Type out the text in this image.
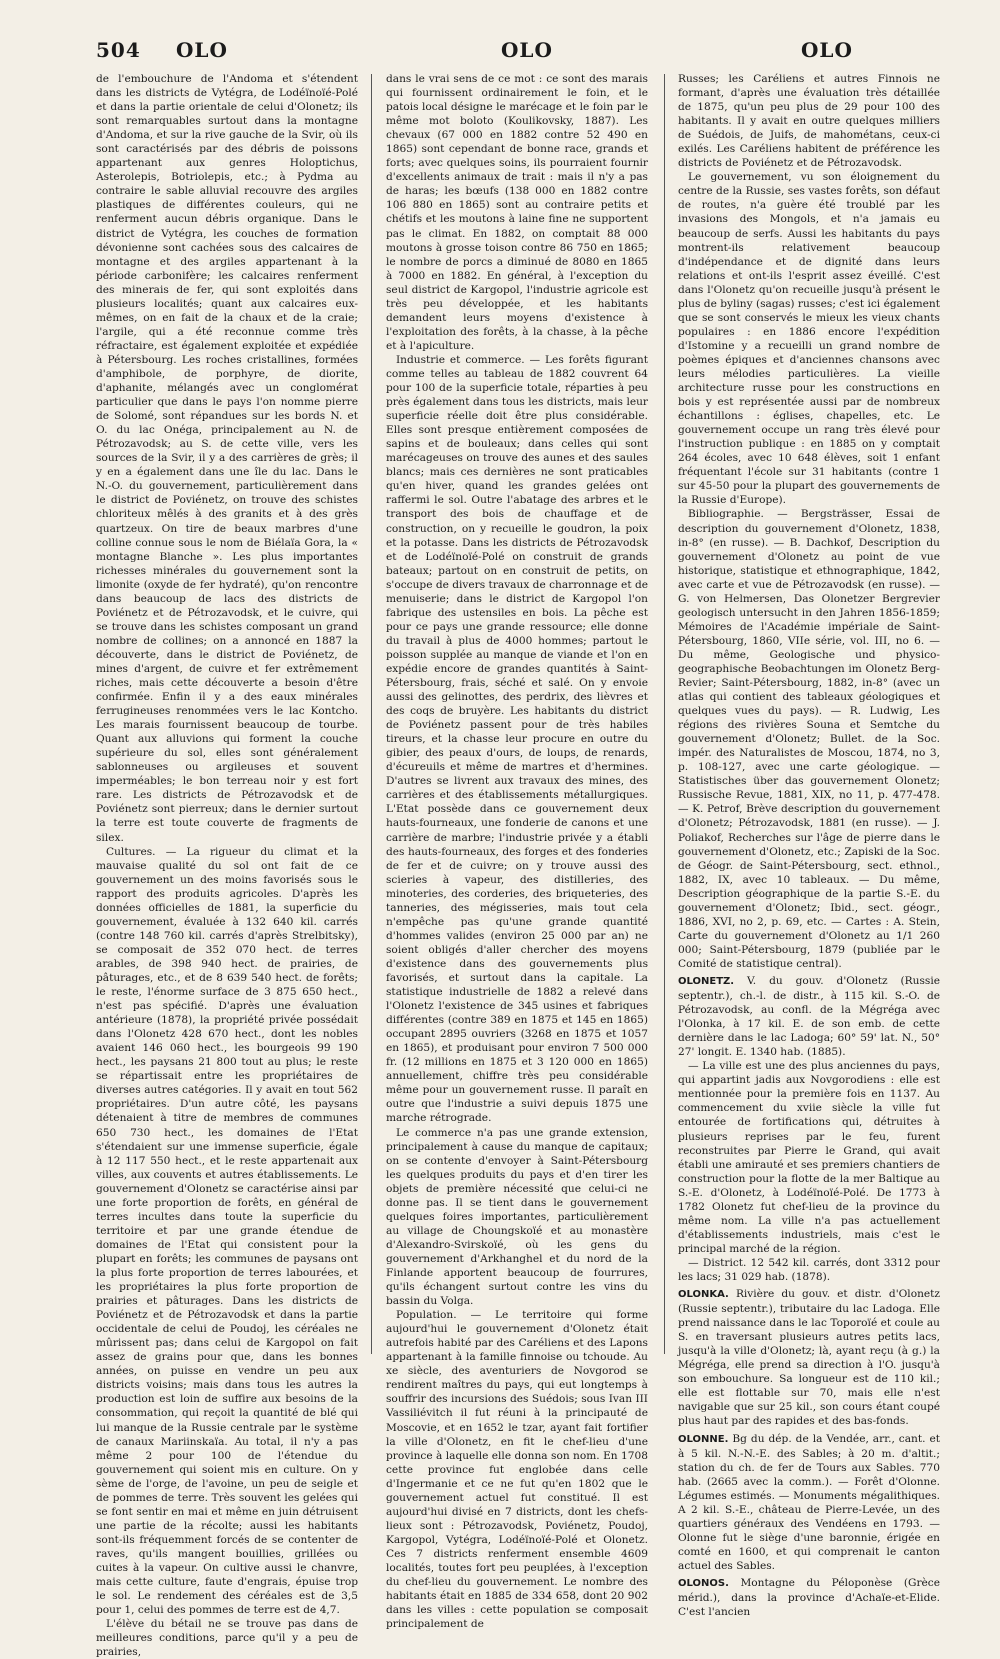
504 OLO	OLO	OLO

de l'embouchure de l'Andoma et s'étendent dans les districts de Vytégra, de Lodéïnoïé-Polé et dans la partie orientale de celui d'Olonetz; ils sont remarquables surtout dans la montagne d'Andoma, et sur la rive gauche de la Svir, où ils sont caractérisés par des débris de poissons appartenant aux genres Holoptichus, Asterolepis, Botriolepis, etc.; à Pydma au contraire le sable alluvial recouvre des argiles plastiques de différentes couleurs, qui ne renferment aucun débris organique. Dans le district de Vytégra, les couches de formation dévonienne sont cachées sous des calcaires de montagne et des argiles appartenant à la période carbonifère; les calcaires renferment des minerais de fer, qui sont exploités dans plusieurs localités; quant aux calcaires eux-mêmes, on en fait de la chaux et de la craie; l'argile, qui a été reconnue comme très réfractaire, est également exploitée et expédiée à Pétersbourg. Les roches cristallines, formées d'amphibole, de porphyre, de diorite, d'aphanite, mélangés avec un conglomérat particulier que dans le pays l'on nomme pierre de Solomé, sont répandues sur les bords N. et O. du lac Onéga, principalement au N. de Pétrozavodsk; au S. de cette ville, vers les sources de la Svir, il y a des carrières de grès; il y en a également dans une île du lac. Dans le N.-O. du gouvernement, particulièrement dans le district de Poviénetz, on trouve des schistes chloriteux mêlés à des granits et à des grès quartzeux. On tire de beaux marbres d'une colline connue sous le nom de Biélaïa Gora, la « montagne Blanche ». Les plus importantes richesses minérales du gouvernement sont la limonite (oxyde de fer hydraté), qu'on rencontre dans beaucoup de lacs des districts de Poviénetz et de Pétrozavodsk, et le cuivre, qui se trouve dans les schistes composant un grand nombre de collines; on a annoncé en 1887 la découverte, dans le district de Poviénetz, de mines d'argent, de cuivre et fer extrêmement riches, mais cette découverte a besoin d'être confirmée. Enfin il y a des eaux minérales ferrugineuses renommées vers le lac Kontcho. Les marais fournissent beaucoup de tourbe. Quant aux alluvions qui forment la couche supérieure du sol, elles sont généralement sablonneuses ou argileuses et souvent imperméables; le bon terreau noir y est fort rare. Les districts de Pétrozavodsk et de Poviénetz sont pierreux; dans le dernier surtout la terre est toute couverte de fragments de silex.

Cultures. — La rigueur du climat et la mauvaise qualité du sol ont fait de ce gouvernement un des moins favorisés sous le rapport des produits agricoles. D'après les données officielles de 1881, la superficie du gouvernement, évaluée à 132 640 kil. carrés (contre 148 760 kil. carrés d'après Strelbitsky), se composait de 352 070 hect. de terres arables, de 398 940 hect. de prairies, de pâturages, etc., et de 8 639 540 hect. de forêts; le reste, l'énorme surface de 3 875 650 hect., n'est pas spécifié. D'après une évaluation antérieure (1878), la propriété privée possédait dans l'Olonetz 428 670 hect., dont les nobles avaient 146 060 hect., les bourgeois 99 190 hect., les paysans 21 800 tout au plus; le reste se répartissait entre les propriétaires de diverses autres catégories. Il y avait en tout 562 propriétaires. D'un autre côté, les paysans détenaient à titre de membres de communes 650 730 hect., les domaines de l'Etat s'étendaient sur une immense superficie, égale à 12 117 550 hect., et le reste appartenait aux villes, aux couvents et autres établissements. Le gouvernement d'Olonetz se caractérise ainsi par une forte proportion de forêts, en général de terres incultes dans toute la superficie du territoire et par une grande étendue de domaines de l'Etat qui consistent pour la plupart en forêts; les communes de paysans ont la plus forte proportion de terres labourées, et les propriétaires la plus forte proportion de prairies et pâturages. Dans les districts de Poviénetz et de Pétrozavodsk et dans la partie occidentale de celui de Poudoj, les céréales ne mûrissent pas; dans celui de Kargopol on fait assez de grains pour que, dans les bonnes années, on puisse en vendre un peu aux districts voisins; mais dans tous les autres la production est loin de suffire aux besoins de la consommation, qui reçoit la quantité de blé qui lui manque de la Russie centrale par le système de canaux Mariinskaïa. Au total, il n'y a pas même 2 pour 100 de l'étendue du gouvernement qui soient mis en culture. On y sème de l'orge, de l'avoine, un peu de seigle et de pommes de terre. Très souvent les gelées qui se font sentir en mai et même en juin détruisent une partie de la récolte; aussi les habitants sont-ils fréquemment forcés de se contenter de raves, qu'ils mangent bouillies, grillées ou cuites à la vapeur. On cultive aussi le chanvre, mais cette culture, faute d'engrais, épuise trop le sol. Le rendement des céréales est de 3,5 pour 1, celui des pommes de terre est de 4,7.

L'élève du bétail ne se trouve pas dans de meilleures conditions, parce qu'il y a peu de prairies,

dans le vrai sens de ce mot : ce sont des marais qui fournissent ordinairement le foin, et le patois local désigne le marécage et le foin par le même mot boloto (Koulikovsky, 1887). Les chevaux (67 000 en 1882 contre 52 490 en 1865) sont cependant de bonne race, grands et forts; avec quelques soins, ils pourraient fournir d'excellents animaux de trait : mais il n'y a pas de haras; les bœufs (138 000 en 1882 contre 106 880 en 1865) sont au contraire petits et chétifs et les moutons à laine fine ne supportent pas le climat. En 1882, on comptait 88 000 moutons à grosse toison contre 86 750 en 1865; le nombre de porcs a diminué de 8080 en 1865 à 7000 en 1882. En général, à l'exception du seul district de Kargopol, l'industrie agricole est très peu développée, et les habitants demandent leurs moyens d'existence à l'exploitation des forêts, à la chasse, à la pêche et à l'apiculture.

Industrie et commerce. — Les forêts figurant comme telles au tableau de 1882 couvrent 64 pour 100 de la superficie totale, réparties à peu près également dans tous les districts, mais leur superficie réelle doit être plus considérable. Elles sont presque entièrement composées de sapins et de bouleaux; dans celles qui sont marécageuses on trouve des aunes et des saules blancs; mais ces dernières ne sont praticables qu'en hiver, quand les grandes gelées ont raffermi le sol. Outre l'abatage des arbres et le transport des bois de chauffage et de construction, on y recueille le goudron, la poix et la potasse. Dans les districts de Pétrozavodsk et de Lodéïnoïé-Polé on construit de grands bateaux; partout on en construit de petits, on s'occupe de divers travaux de charronnage et de menuiserie; dans le district de Kargopol l'on fabrique des ustensiles en bois. La pêche est pour ce pays une grande ressource; elle donne du travail à plus de 4000 hommes; partout le poisson supplée au manque de viande et l'on en expédie encore de grandes quantités à Saint-Pétersbourg, frais, séché et salé. On y envoie aussi des gelinottes, des perdrix, des lièvres et des coqs de bruyère. Les habitants du district de Poviénetz passent pour de très habiles tireurs, et la chasse leur procure en outre du gibier, des peaux d'ours, de loups, de renards, d'écureuils et même de martres et d'hermines. D'autres se livrent aux travaux des mines, des carrières et des établissements métallurgiques. L'Etat possède dans ce gouvernement deux hauts-fourneaux, une fonderie de canons et une carrière de marbre; l'industrie privée y a établi des hauts-fourneaux, des forges et des fonderies de fer et de cuivre; on y trouve aussi des scieries à vapeur, des distilleries, des minoteries, des corderies, des briqueteries, des tanneries, des mégisseries, mais tout cela n'empêche pas qu'une grande quantité d'hommes valides (environ 25 000 par an) ne soient obligés d'aller chercher des moyens d'existence dans des gouvernements plus favorisés, et surtout dans la capitale. La statistique industrielle de 1882 a relevé dans l'Olonetz l'existence de 345 usines et fabriques différentes (contre 389 en 1875 et 145 en 1865) occupant 2895 ouvriers (3268 en 1875 et 1057 en 1865), et produisant pour environ 7 500 000 fr. (12 millions en 1875 et 3 120 000 en 1865) annuellement, chiffre très peu considérable même pour un gouvernement russe. Il paraît en outre que l'industrie a suivi depuis 1875 une marche rétrograde.

Le commerce n'a pas une grande extension, principalement à cause du manque de capitaux; on se contente d'envoyer à Saint-Pétersbourg les quelques produits du pays et d'en tirer les objets de première nécessité que celui-ci ne donne pas. Il se tient dans le gouvernement quelques foires importantes, particulièrement au village de Choungskoïé et au monastère d'Alexandro-Svirskoïé, où les gens du gouvernement d'Arkhanghel et du nord de la Finlande apportent beaucoup de fourrures, qu'ils échangent surtout contre les vins du bassin du Volga.

Population. — Le territoire qui forme aujourd'hui le gouvernement d'Olonetz était autrefois habité par des Caréliens et des Lapons appartenant à la famille finnoise ou tchoude. Au xe siècle, des aventuriers de Novgorod se rendirent maîtres du pays, qui eut longtemps à souffrir des incursions des Suédois; sous Ivan III Vassiliévitch il fut réuni à la principauté de Moscovie, et en 1652 le tzar, ayant fait fortifier la ville d'Olonetz, en fit le chef-lieu d'une province à laquelle elle donna son nom. En 1708 cette province fut englobée dans celle d'Ingermanie et ce ne fut qu'en 1802 que le gouvernement actuel fut constitué. Il est aujourd'hui divisé en 7 districts, dont les chefs-lieux sont : Pétrozavodsk, Poviénetz, Poudoj, Kargopol, Vytégra, Lodéïnoïé-Polé et Olonetz. Ces 7 districts renferment ensemble 4609 localités, toutes fort peu peuplées, à l'exception du chef-lieu du gouvernement. Le nombre des habitants était en 1885 de 334 658, dont 20 902 dans les villes : cette population se composait principalement de

Russes; les Caréliens et autres Finnois ne formant, d'après une évaluation très détaillée de 1875, qu'un peu plus de 29 pour 100 des habitants. Il y avait en outre quelques milliers de Suédois, de Juifs, de mahométans, ceux-ci exilés. Les Caréliens habitent de préférence les districts de Poviénetz et de Pétrozavodsk.

Le gouvernement, vu son éloignement du centre de la Russie, ses vastes forêts, son défaut de routes, n'a guère été troublé par les invasions des Mongols, et n'a jamais eu beaucoup de serfs. Aussi les habitants du pays montrent-ils relativement beaucoup d'indépendance et de dignité dans leurs relations et ont-ils l'esprit assez éveillé. C'est dans l'Olonetz qu'on recueille jusqu'à présent le plus de byliny (sagas) russes; c'est ici également que se sont conservés le mieux les vieux chants populaires : en 1886 encore l'expédition d'Istomine y a recueilli un grand nombre de poèmes épiques et d'anciennes chansons avec leurs mélodies particulières. La vieille architecture russe pour les constructions en bois y est représentée aussi par de nombreux échantillons : églises, chapelles, etc. Le gouvernement occupe un rang très élevé pour l'instruction publique : en 1885 on y comptait 264 écoles, avec 10 648 élèves, soit 1 enfant fréquentant l'école sur 31 habitants (contre 1 sur 45-50 pour la plupart des gouvernements de la Russie d'Europe).

Bibliographie. — Bergsträsser, Essai de description du gouvernement d'Olonetz, 1838, in-8° (en russe). — B. Dachkof, Description du gouvernement d'Olonetz au point de vue historique, statistique et ethnographique, 1842, avec carte et vue de Pétrozavodsk (en russe). — G. von Helmersen, Das Olonetzer Bergrevier geologisch untersucht in den Jahren 1856-1859; Mémoires de l'Académie impériale de Saint-Pétersbourg, 1860, VIIe série, vol. III, no 6. — Du même, Geologische und physico-geographische Beobachtungen im Olonetz Berg-Revier; Saint-Pétersbourg, 1882, in-8° (avec un atlas qui contient des tableaux géologiques et quelques vues du pays). — R. Ludwig, Les régions des rivières Souna et Semtche du gouvernement d'Olonetz; Bullet. de la Soc. impér. des Naturalistes de Moscou, 1874, no 3, p. 108-127, avec une carte géologique. — Statistisches über das gouvernement Olonetz; Russische Revue, 1881, XIX, no 11, p. 477-478. — K. Petrof, Brève description du gouvernement d'Olonetz; Pétrozavodsk, 1881 (en russe). — J. Poliakof, Recherches sur l'âge de pierre dans le gouvernement d'Olonetz, etc.; Zapiski de la Soc. de Géogr. de Saint-Pétersbourg, sect. ethnol., 1882, IX, avec 10 tableaux. — Du même, Description géographique de la partie S.-E. du gouvernement d'Olonetz; Ibid., sect. géogr., 1886, XVI, no 2, p. 69, etc. — Cartes : A. Stein, Carte du gouvernement d'Olonetz au 1/1 260 000; Saint-Pétersbourg, 1879 (publiée par le Comité de statistique central).

OLONETZ. V. du gouv. d'Olonetz (Russie septentr.), ch.-l. de distr., à 115 kil. S.-O. de Pétrozavodsk, au confl. de la Mégréga avec l'Olonka, à 17 kil. E. de son emb. de cette dernière dans le lac Ladoga; 60° 59' lat. N., 50° 27' longit. E. 1340 hab. (1885).

— La ville est une des plus anciennes du pays, qui appartint jadis aux Novgorodiens : elle est mentionnée pour la première fois en 1137. Au commencement du xviie siècle la ville fut entourée de fortifications qui, détruites à plusieurs reprises par le feu, furent reconstruites par Pierre le Grand, qui avait établi une amirauté et ses premiers chantiers de construction pour la flotte de la mer Baltique au S.-E. d'Olonetz, à Lodéïnoïé-Polé. De 1773 à 1782 Olonetz fut chef-lieu de la province du même nom. La ville n'a pas actuellement d'établissements industriels, mais c'est le principal marché de la région.

— District. 12 542 kil. carrés, dont 3312 pour les lacs; 31 029 hab. (1878).

OLONKA. Rivière du gouv. et distr. d'Olonetz (Russie septentr.), tributaire du lac Ladoga. Elle prend naissance dans le lac Toporoïé et coule au S. en traversant plusieurs autres petits lacs, jusqu'à la ville d'Olonetz; là, ayant reçu (à g.) la Mégréga, elle prend sa direction à l'O. jusqu'à son embouchure. Sa longueur est de 110 kil.; elle est flottable sur 70, mais elle n'est navigable que sur 25 kil., son cours étant coupé plus haut par des rapides et des bas-fonds.

OLONNE. Bg du dép. de la Vendée, arr., cant. et à 5 kil. N.-N.-E. des Sables; à 20 m. d'altit.; station du ch. de fer de Tours aux Sables. 770 hab. (2665 avec la comm.). — Forêt d'Olonne. Légumes estimés. — Monuments mégalithiques. A 2 kil. S.-E., château de Pierre-Levée, un des quartiers généraux des Vendéens en 1793. — Olonne fut le siège d'une baronnie, érigée en comté en 1600, et qui comprenait le canton actuel des Sables.

OLONOS. Montagne du Péloponèse (Grèce mérid.), dans la province d'Achaïe-et-Elide. C'est l'ancien
